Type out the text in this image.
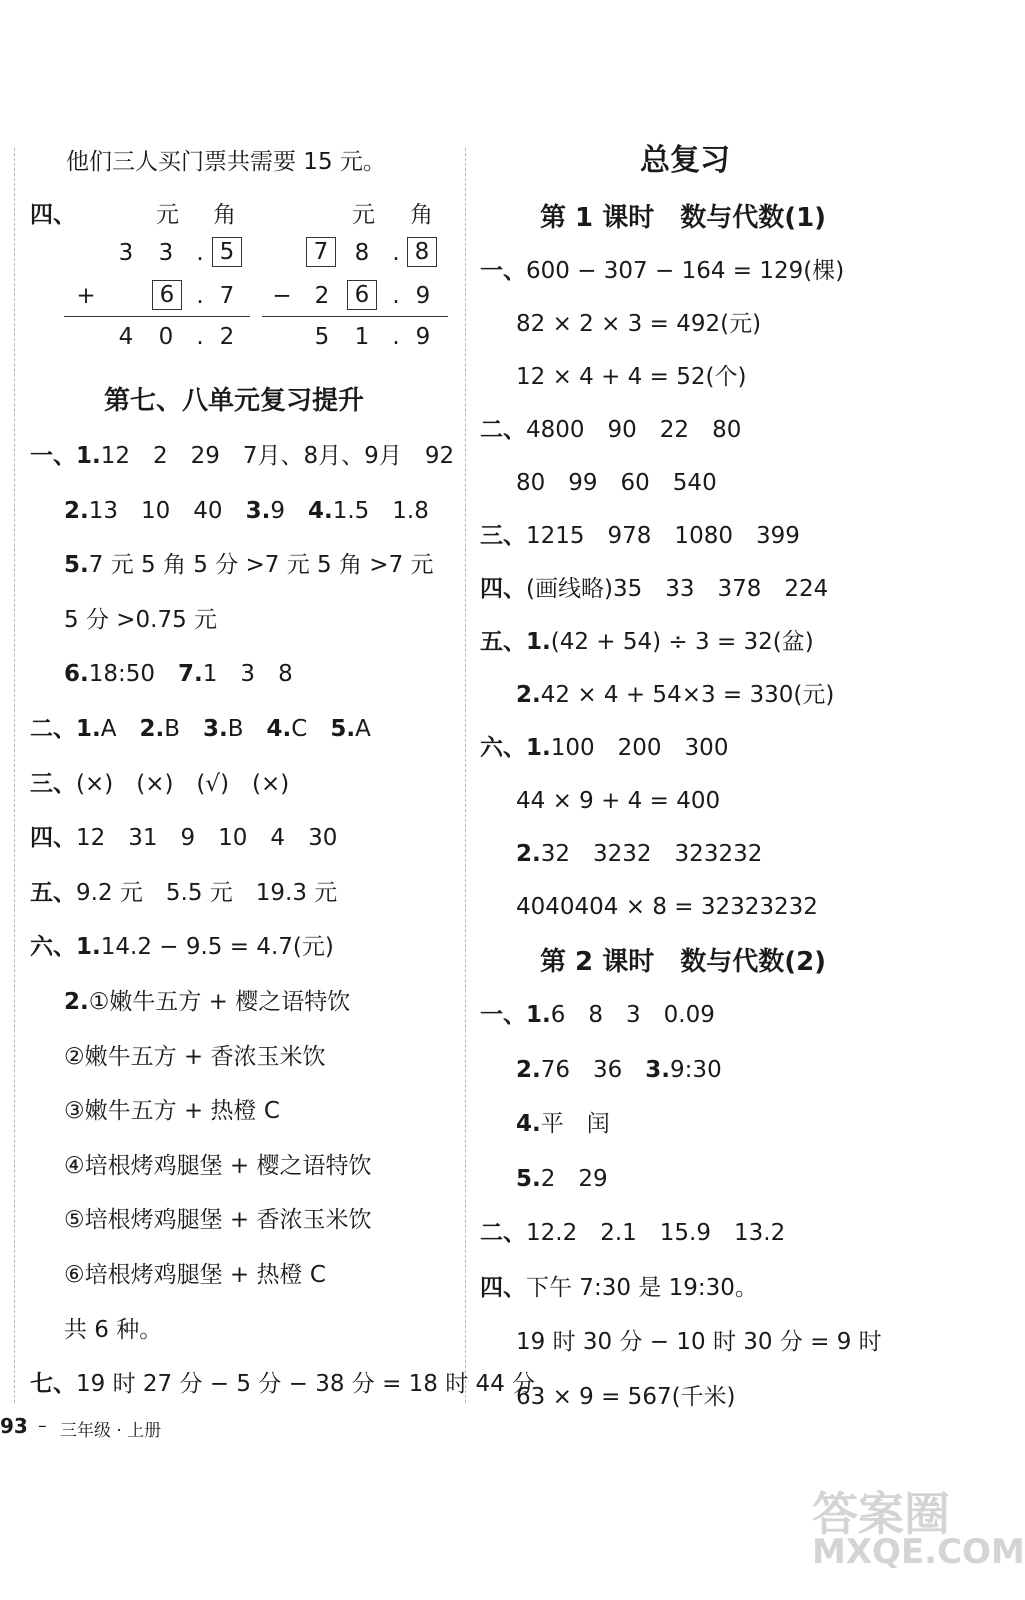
他们三人买门票共需要 15 元。
四、	元 角	元 角
3 3	. 5
+	6 . 7
4 0	. 2
7	8	. 8
− 2	6	. 9
5 1	. 9
第七、八单元复习提升
一、1.12　2　29　7月、8月、9月　92
2.13　10　40　3.9　4.1.5　1.8
5.7 元 5 角 5 分 >7 元 5 角 >7 元
5 分 >0.75 元
6.18:50　7.1　3　8
二、1.A　2.B　3.B　4.C　5.A
三、(×)　(×)　(√)　(×)
四、12　31　9　10　4　30
五、9.2 元　5.5 元　19.3 元
六、1.14.2 − 9.5 = 4.7(元)
2.①嫩牛五方 + 樱之语特饮
②嫩牛五方 + 香浓玉米饮
③嫩牛五方 + 热橙 C
④培根烤鸡腿堡 + 樱之语特饮
⑤培根烤鸡腿堡 + 香浓玉米饮
⑥培根烤鸡腿堡 + 热橙 C
共 6 种。
七、19 时 27 分 − 5 分 − 38 分 = 18 时 44 分
总复习
第 1 课时　数与代数(1)
一、600 − 307 − 164 = 129(棵)
82 × 2 × 3 = 492(元)
12 × 4 + 4 = 52(个)
二、4800　90　22　80
80　99　60　540
三、1215　978　1080　399
四、(画线略)35　33　378　224
五、1.(42 + 54) ÷ 3 = 32(盆)
2.42 × 4 + 54×3 = 330(元)
六、1.100　200　300
44 × 9 + 4 = 400
2.32　3232　323232
4040404 × 8 = 32323232
第 2 课时　数与代数(2)
一、1.6　8　3　0.09
2.76　36　3.9:30
4.平　闰
5.2　29
二、12.2　2.1　15.9　13.2
四、下午 7:30 是 19:30。
19 时 30 分 − 10 时 30 分 = 9 时
63 × 9 = 567(千米)
93 – 三年级 · 上册
答案圈
MXQE.COM
